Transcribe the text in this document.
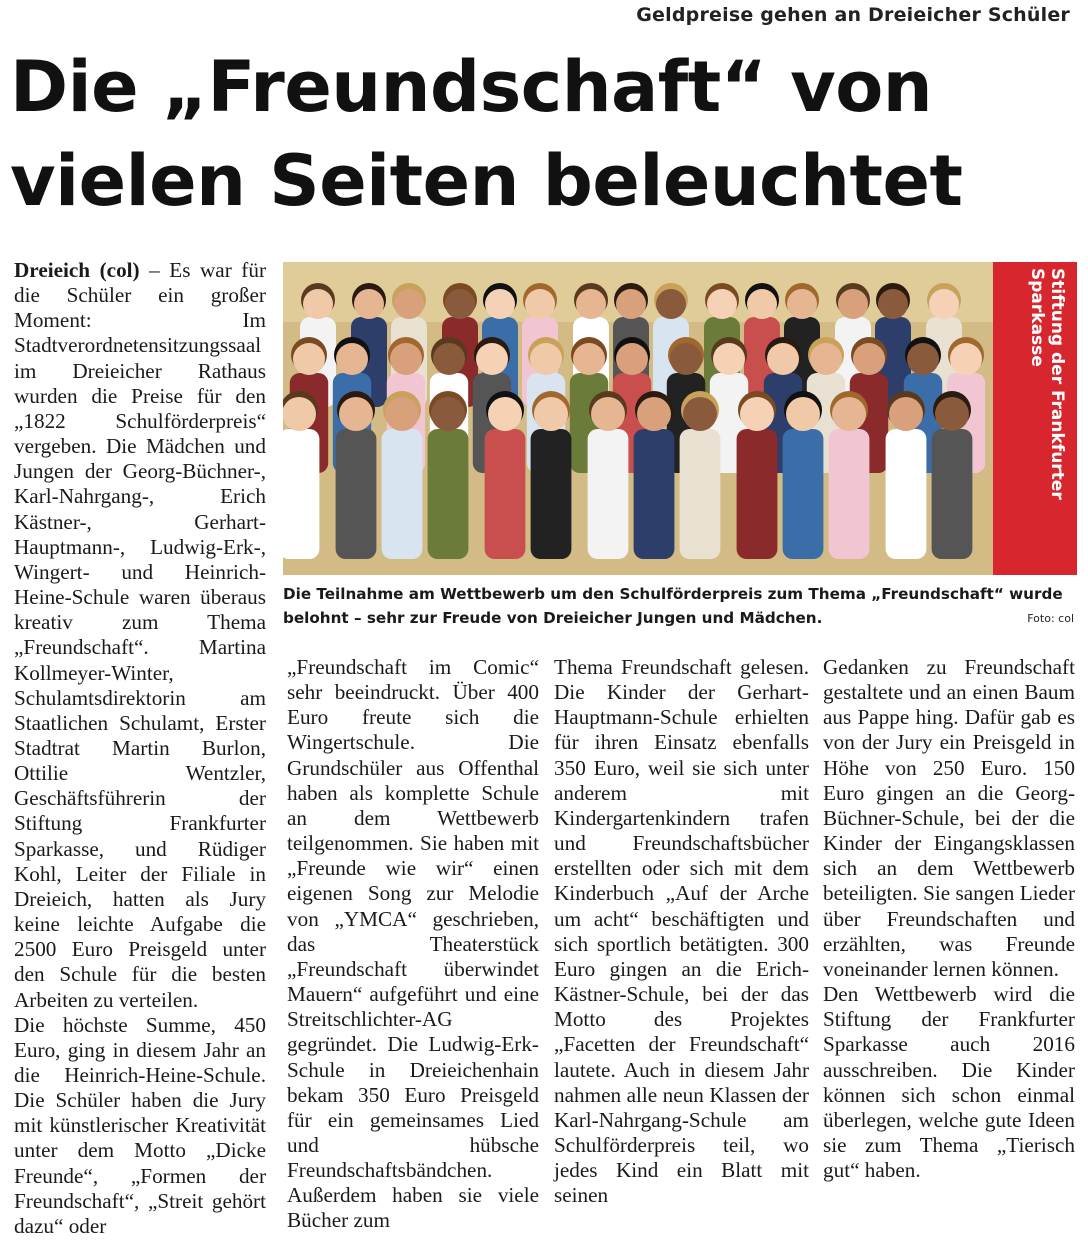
Geldpreise gehen an Dreieicher Schüler
Die „Freundschaft“ von vielen Seiten beleuchtet

Dreieich (col) – Es war für die Schüler ein großer Moment: Im Stadtverordnetensitzungssaal im Dreieicher Rathaus wurden die Preise für den „1822 Schulförderpreis“ vergeben. Die Mädchen und Jungen der Georg-Büchner-, Karl-Nahrgang-, Erich Kästner-, Gerhart-Hauptmann-, Ludwig-Erk-, Wingert- und Heinrich-Heine-Schule waren überaus kreativ zum Thema „Freundschaft“. Martina Kollmeyer-Winter, Schulamtsdirektorin am Staatlichen Schulamt, Erster Stadtrat Martin Burlon, Ottilie Wentzler, Geschäftsführerin der Stiftung Frankfurter Sparkasse, und Rüdiger Kohl, Leiter der Filiale in Dreieich, hatten als Jury keine leichte Aufgabe die 2500 Euro Preisgeld unter den Schule für die besten Arbeiten zu verteilen.

Die höchste Summe, 450 Euro, ging in diesem Jahr an die Heinrich-Heine-Schule. Die Schüler haben die Jury mit künstlerischer Kreativität unter dem Motto „Dicke Freunde“, „Formen der Freundschaft“, „Streit gehört dazu“ oder

Stiftung der Frankfurter Sparkasse
Die Teilnahme am Wettbewerb um den Schulförderpreis zum Thema „Freundschaft“ wurde belohnt – sehr zur Freude von Dreieicher Jungen und Mädchen.	Foto: col

„Freundschaft im Comic“ sehr beeindruckt. Über 400 Euro freute sich die Wingertschule. Die Grundschüler aus Offenthal haben als komplette Schule an dem Wettbewerb teilgenommen. Sie haben mit „Freunde wie wir“ einen eigenen Song zur Melodie von „YMCA“ geschrieben, das Theaterstück „Freundschaft überwindet Mauern“ aufgeführt und eine Streitschlichter-AG gegründet. Die Ludwig-Erk-Schule in Dreieichenhain bekam 350 Euro Preisgeld für ein gemeinsames Lied und hübsche Freundschaftsbändchen. Außerdem haben sie viele Bücher zum

Thema Freundschaft gelesen. Die Kinder der Gerhart-Hauptmann-Schule erhielten für ihren Einsatz ebenfalls 350 Euro, weil sie sich unter anderem mit Kindergartenkindern trafen und Freundschaftsbücher erstellten oder sich mit dem Kinderbuch „Auf der Arche um acht“ beschäftigten und sich sportlich betätigten. 300 Euro gingen an die Erich-Kästner-Schule, bei der das Motto des Projektes „Facetten der Freundschaft“ lautete. Auch in diesem Jahr nahmen alle neun Klassen der Karl-Nahrgang-Schule am Schulförderpreis teil, wo jedes Kind ein Blatt mit seinen

Gedanken zu Freundschaft gestaltete und an einen Baum aus Pappe hing. Dafür gab es von der Jury ein Preisgeld in Höhe von 250 Euro. 150 Euro gingen an die Georg-Büchner-Schule, bei der die Kinder der Eingangsklassen sich an dem Wettbewerb beteiligten. Sie sangen Lieder über Freundschaften und erzählten, was Freunde voneinander lernen können.

Den Wettbewerb wird die Stiftung der Frankfurter Sparkasse auch 2016 ausschreiben. Die Kinder können sich schon einmal überlegen, welche gute Ideen sie zum Thema „Tierisch gut“ haben.
